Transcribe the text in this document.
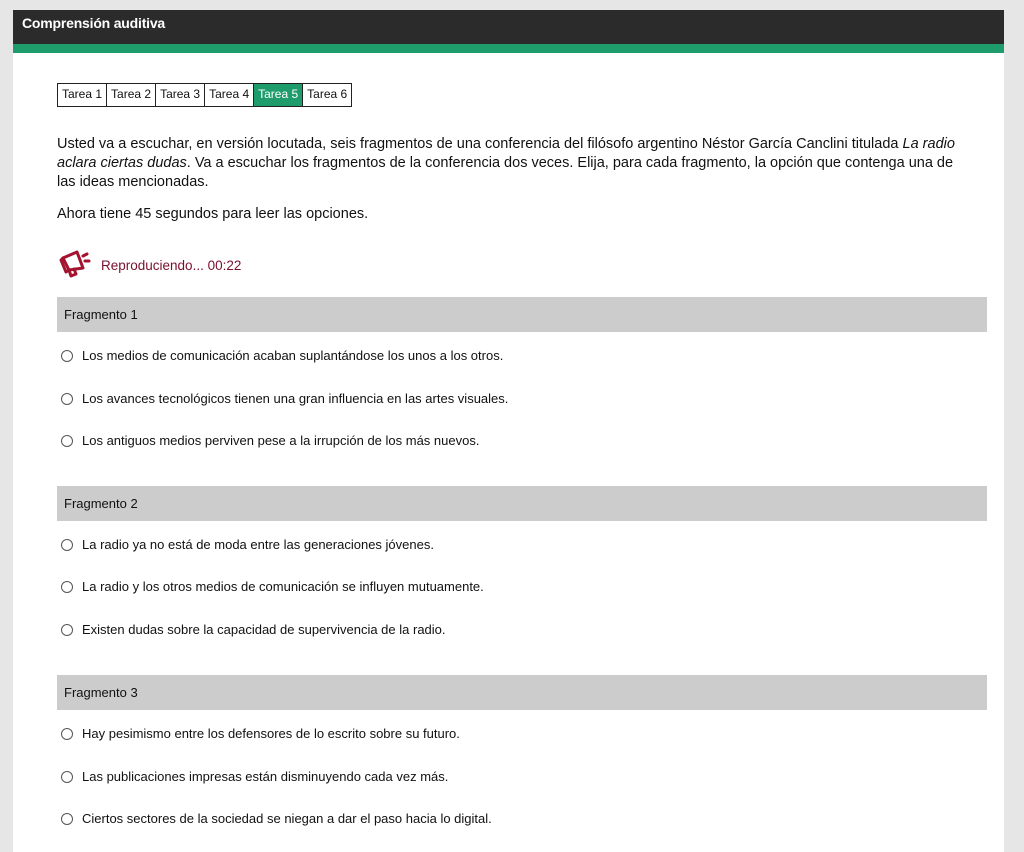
Comprensión auditiva
Tarea 1 Tarea 2 Tarea 3 Tarea 4 Tarea 5 Tarea 6

Usted va a escuchar, en versión locutada, seis fragmentos de una conferencia del filósofo argentino Néstor García Canclini titulada La radio aclara ciertas dudas. Va a escuchar los fragmentos de la conferencia dos veces. Elija, para cada fragmento, la opción que contenga una de las ideas mencionadas.

Ahora tiene 45 segundos para leer las opciones.

Reproduciendo... 00:22
Fragmento 1
Los medios de comunicación acaban suplantándose los unos a los otros.
Los avances tecnológicos tienen una gran influencia en las artes visuales.
Los antiguos medios perviven pese a la irrupción de los más nuevos.
Fragmento 2
La radio ya no está de moda entre las generaciones jóvenes.
La radio y los otros medios de comunicación se influyen mutuamente.
Existen dudas sobre la capacidad de supervivencia de la radio.
Fragmento 3
Hay pesimismo entre los defensores de lo escrito sobre su futuro.
Las publicaciones impresas están disminuyendo cada vez más.
Ciertos sectores de la sociedad se niegan a dar el paso hacia lo digital.
